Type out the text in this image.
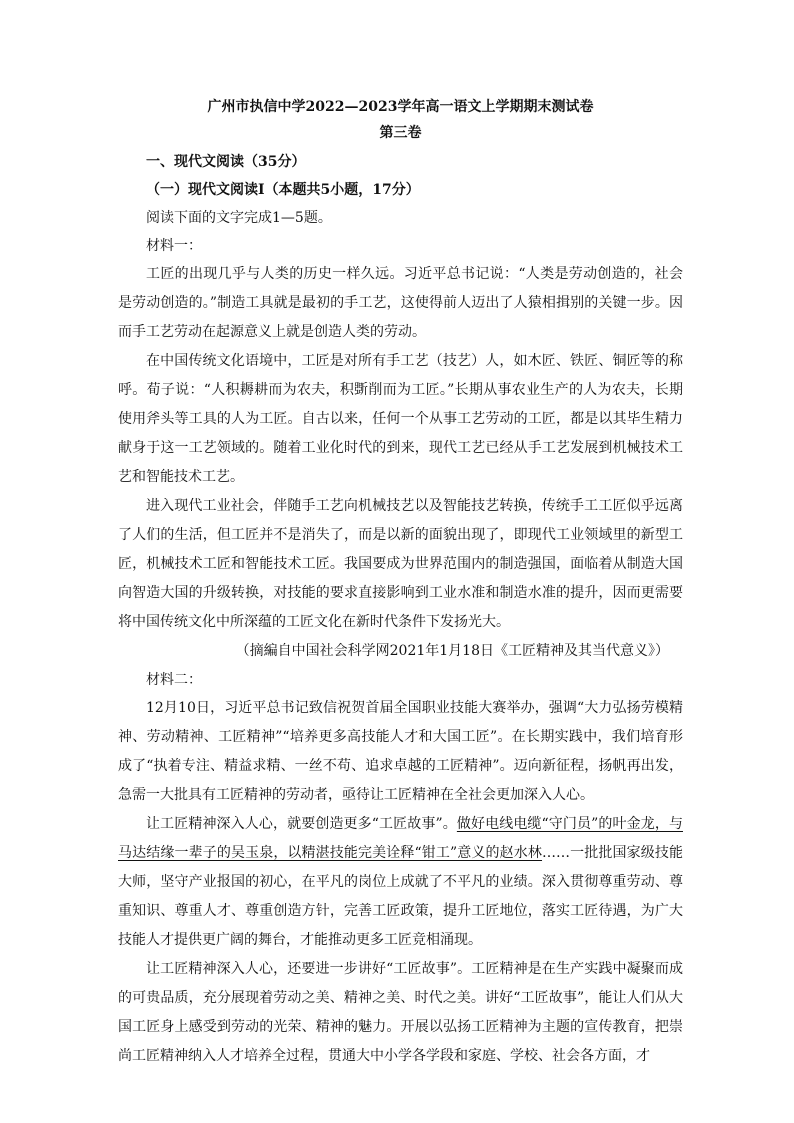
广州市执信中学2022—2023学年高一语文上学期期末测试卷
第三卷
一、现代文阅读（35分）
（一）现代文阅读Ⅰ（本题共5小题，17分）
阅读下面的文字完成1—5题。
材料一：

工匠的出现几乎与人类的历史一样久远。习近平总书记说：“人类是劳动创造的，社会是劳动创造的。”制造工具就是最初的手工艺，这使得前人迈出了人猿相揖别的关键一步。因而手工艺劳动在起源意义上就是创造人类的劳动。

在中国传统文化语境中，工匠是对所有手工艺（技艺）人，如木匠、铁匠、铜匠等的称呼。荀子说：“人积耨耕而为农夫，积斲削而为工匠。”长期从事农业生产的人为农夫，长期使用斧头等工具的人为工匠。自古以来，任何一个从事工艺劳动的工匠，都是以其毕生精力献身于这一工艺领域的。随着工业化时代的到来，现代工艺已经从手工艺发展到机械技术工艺和智能技术工艺。

进入现代工业社会，伴随手工艺向机械技艺以及智能技艺转换，传统手工工匠似乎远离了人们的生活，但工匠并不是消失了，而是以新的面貌出现了，即现代工业领域里的新型工匠，机械技术工匠和智能技术工匠。我国要成为世界范围内的制造强国，面临着从制造大国向智造大国的升级转换，对技能的要求直接影响到工业水准和制造水准的提升，因而更需要将中国传统文化中所深蕴的工匠文化在新时代条件下发扬光大。

（摘編自中国社会科学网2021年1月18日《工匠精神及其当代意义》）
材料二：

12月10日，习近平总书记致信祝贺首届全国职业技能大赛举办，强调“大力弘扬劳模精神、劳动精神、工匠精神”“培养更多高技能人才和大国工匠”。在长期实践中，我们培育形成了“执着专注、精益求精、一丝不苟、追求卓越的工匠精神”。迈向新征程，扬帆再出发，急需一大批具有工匠精神的劳动者，亟待让工匠精神在全社会更加深入人心。

让工匠精神深入人心，就要创造更多“工匠故事”。做好电线电缆“守门员”的叶金龙，与马达结缘一辈子的吴玉泉，以精湛技能完美诠释“钳工”意义的赵水林……一批批国家级技能大师，坚守产业报国的初心，在平凡的岗位上成就了不平凡的业绩。深入贯彻尊重劳动、尊重知识、尊重人才、尊重创造方针，完善工匠政策，提升工匠地位，落实工匠待遇，为广大技能人才提供更广阔的舞台，才能推动更多工匠竞相涌现。

让工匠精神深入人心，还要进一步讲好“工匠故事”。工匠精神是在生产实践中凝聚而成的可贵品质，充分展现着劳动之美、精神之美、时代之美。讲好“工匠故事”，能让人们从大国工匠身上感受到劳动的光荣、精神的魅力。开展以弘扬工匠精神为主题的宣传教育，把崇尚工匠精神纳入人才培养全过程，贯通大中小学各学段和家庭、学校、社会各方面，才
